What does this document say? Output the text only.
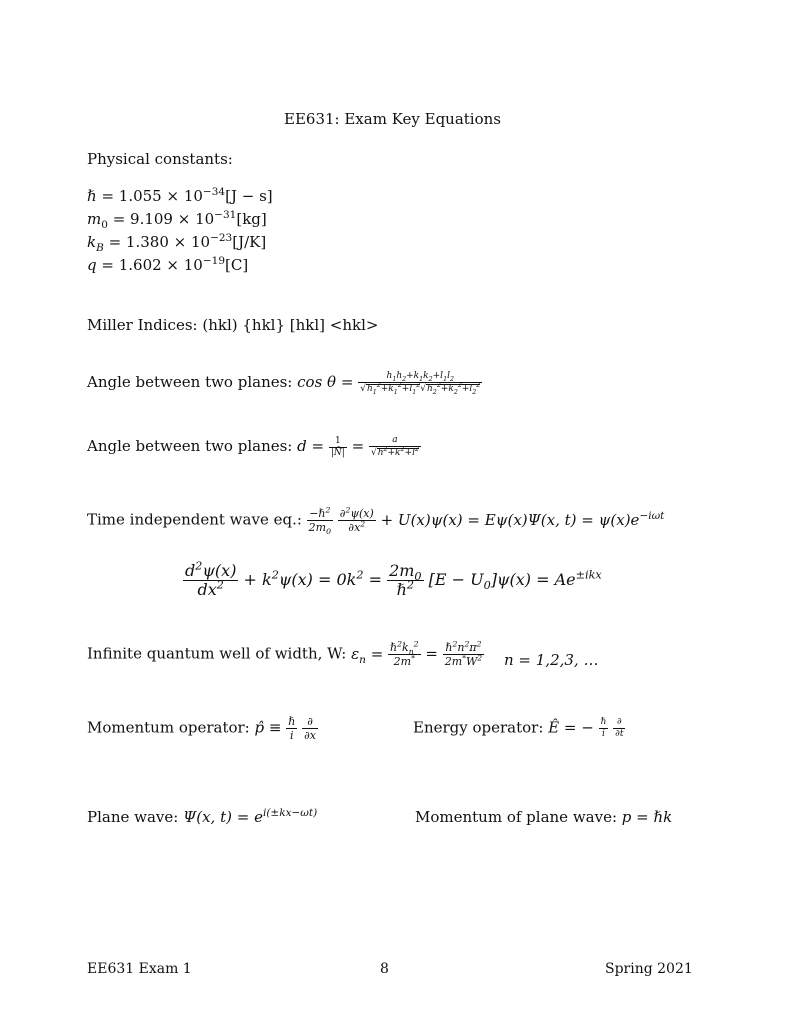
EE631: Exam Key Equations
Physical constants:
ℏ = $1.055 \times 10^{-34}[J - s]$
$m_0 = 9.109 \times 10^{-31}[kg]$
$k_B = 1.380 \times 10^{-23}[J/K]$
$q = 1.602 \times 10^{-19}[C]$
Miller Indices: (hkl) {hkl} [hkl] <hkl>
Angle between two planes: $\cos \theta = \frac{h_1h_2+k_1k_2+l_1l_2}{√h_1^2+k_1^2+l_1^2√h_2^2+k_2^2+l_2^2}$
Angle between two planes: $d = \frac{1}{|N̄|} = \frac{a}{√h^2+k^2+l^2}$
Time independent wave eq.: $\frac{-\hbar^2}{2m_0}$
$\frac{\partial^2\psi(x)}{\partial x^2} + U(x)\psi(x) = E\psi(x)\Psi(x$, $t) = \psi(x)e^{-i\omega t}$
$\frac{d^2\psi(x)}{dx^2} + k^2\psi(x) = 0k^2 = \frac{2m_0}{\hbar^2} [E - U_0]\psi(x) = Ae^{\pm ikx}$
Infinite quantum well of width, W: $\varepsilon_n = \frac{\hbar^2k_n^2}{2m^*} = \frac{\hbar^2n^2\pi^2}{2m^*W^2}$ n = 1,2,3, …
Momentum operator: p̂ ≡ $\frac{\text{ℏ}}{i}$
$\frac{\partial}{\partial x}$	Energy operator: Ê = − $\frac{\text{ℏ}}{i}$
$\frac{\partial}{\partial t}$
Plane wave: Ψ(x, $t) = e^{i(\pm kx-\omega t)}$	Momentum of plane wave: p = ℏk
EE631 Exam 1	8	Spring 2021
